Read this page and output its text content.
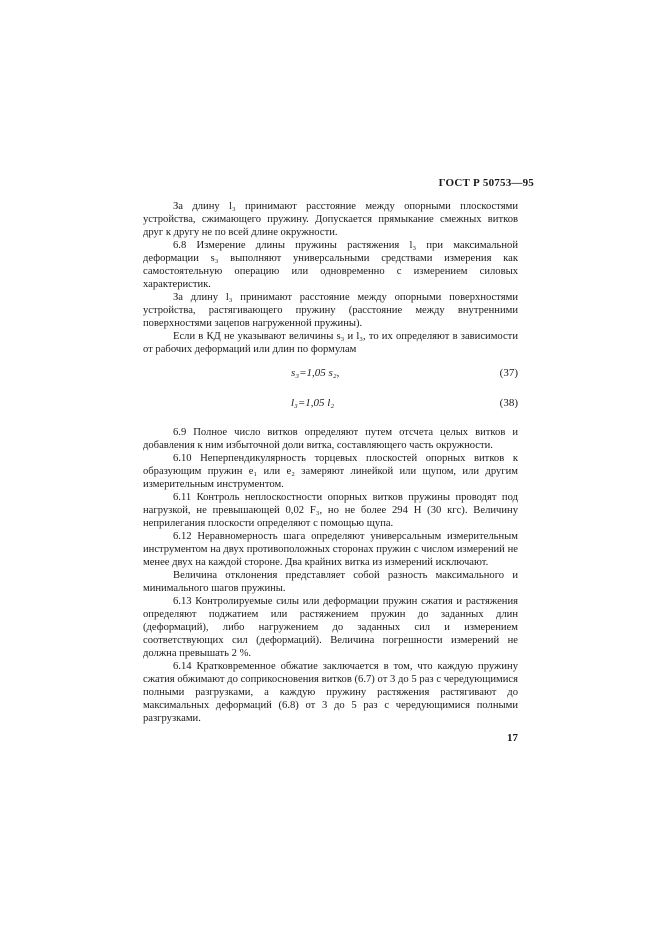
ГОСТ Р 50753—95

За длину l₃ принимают расстояние между опорными плоскостями устройства, сжимающего пружину. Допускается прямыкание смежных витков друг к другу не по всей длине окружности.

6.8 Измерение длины пружины растяжения l₃ при максимальной деформации s₃ выполняют универсальными средствами измерения как самостоятельную операцию или одновременно с измерением силовых характеристик.

За длину l₃ принимают расстояние между опорными поверхностями устройства, растягивающего пружину (расстояние между внутренними поверхностями зацепов нагруженной пружины).

Если в КД не указывают величины s₃ и l₃, то их определяют в зависимости от рабочих деформаций или длин по формулам

s₃=1,05 s₂,	(37)
l₃=1,05 l₂	(38)

6.9 Полное число витков определяют путем отсчета целых витков и добавления к ним избыточной доли витка, составляющего часть окружности.

6.10 Неперпендикулярность торцевых плоскостей опорных витков к образующим пружин e₁ или e₂ замеряют линейкой или щупом, или другим измерительным инструментом.

6.11 Контроль неплоскостности опорных витков пружины проводят под нагрузкой, не превышающей 0,02 F₃, но не более 294 Н (30 кгс). Величину неприлегания плоскости определяют с помощью щупа.

6.12 Неравномерность шага определяют универсальным измерительным инструментом на двух противоположных сторонах пружин с числом измерений не менее двух на каждой стороне. Два крайних витка из измерений исключают.

Величина отклонения представляет собой разность максимального и минимального шагов пружины.

6.13 Контролируемые силы или деформации пружин сжатия и растяжения определяют поджатием или растяжением пружин до заданных длин (деформаций), либо нагружением до заданных сил и измерением соответствующих сил (деформаций). Величина погрешности измерений не должна превышать 2 %.

6.14 Кратковременное обжатие заключается в том, что каждую пружину сжатия обжимают до соприкосновения витков (6.7) от 3 до 5 раз с чередующимися полными разгрузками, а каждую пружину растяжения растягивают до максимальных деформаций (6.8) от 3 до 5 раз с чередующимися полными разгрузками.

17
